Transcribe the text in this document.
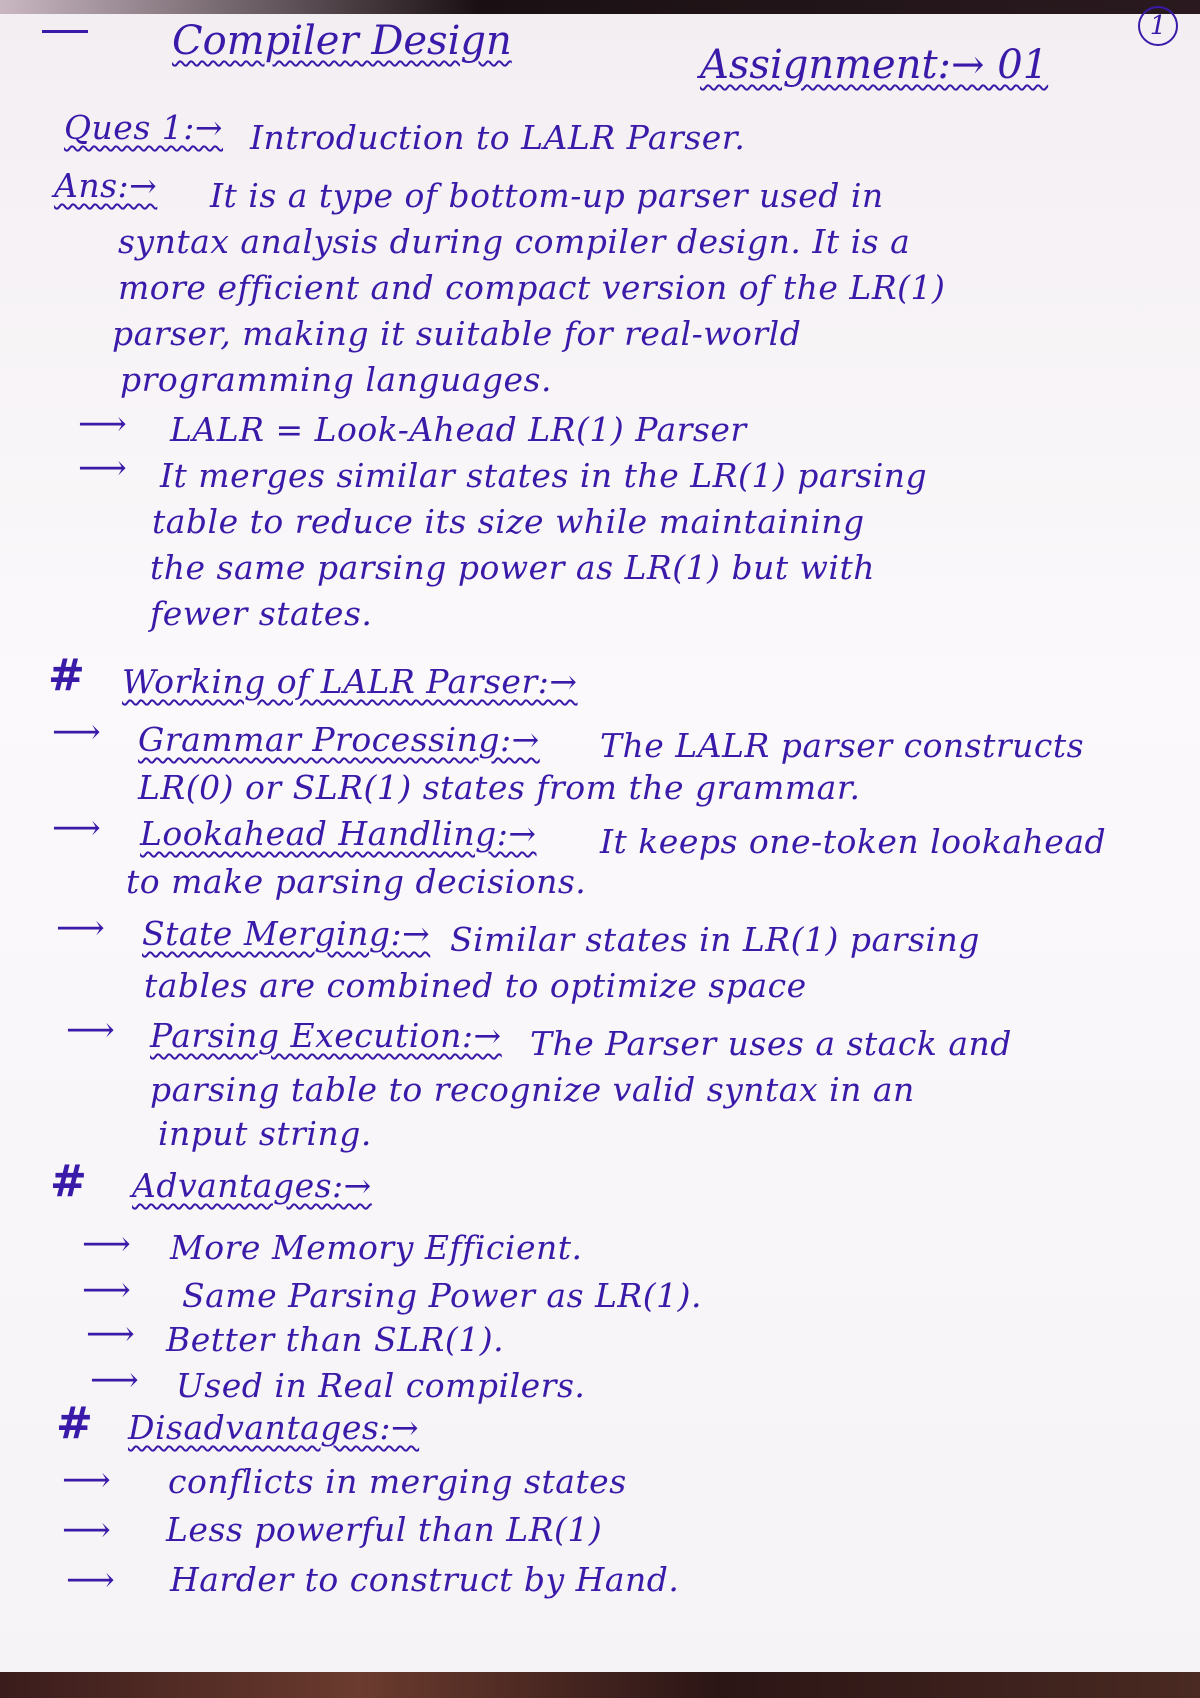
Compiler Design
Assignment:→ 01
1
Ques 1:→ Introduction to LALR Parser.
Ans:→ It is a type of bottom-up parser used in
syntax analysis during compiler design. It is a
more efficient and compact version of the LR(1)
parser, making it suitable for real-world
programming languages.
⟶ LALR = Look-Ahead LR(1) Parser
⟶ It merges similar states in the LR(1) parsing
table to reduce its size while maintaining
the same parsing power as LR(1) but with
fewer states.
# Working of LALR Parser:→
⟶ Grammar Processing:→ The LALR parser constructs
LR(0) or SLR(1) states from the grammar.
⟶ Lookahead Handling:→ It keeps one-token lookahead
to make parsing decisions.
⟶ State Merging:→ Similar states in LR(1) parsing
tables are combined to optimize space
⟶ Parsing Execution:→ The Parser uses a stack and
parsing table to recognize valid syntax in an
input string.
# Advantages:→
⟶ More Memory Efficient.
⟶ Same Parsing Power as LR(1).
⟶ Better than SLR(1).
⟶ Used in Real compilers.
# Disadvantages:→
⟶ conflicts in merging states
⟶ Less powerful than LR(1)
⟶ Harder to construct by Hand.
